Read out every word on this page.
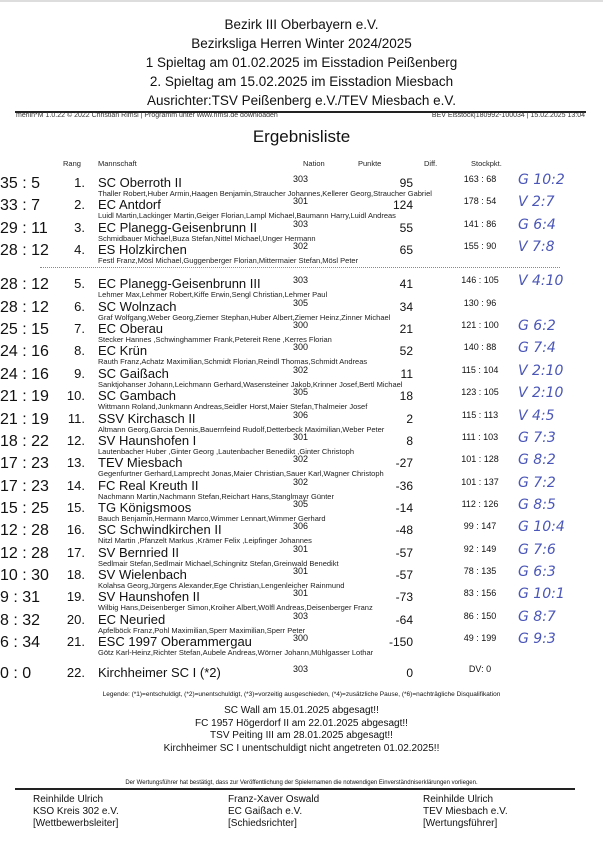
Bezirk III Oberbayern e.V.
Bezirksliga Herren Winter 2024/2025
1 Spieltag am 01.02.2025 im Eisstadion Peißenberg
2. Spieltag am 15.02.2025 im Eisstadion Miesbach
Ausrichter:TSV Peißenberg e.V./TEV Miesbach e.V.
merlin*M 1.0.22 © 2022 Christian Rimsl | Programm unter www.rimsl.de downloaden	BEV Eisstock|180992-100034 | 15.02.2025 13:04
Ergebnisliste
Rang Mannschaft	Nation	Punkte	Diff.	Stockpkt.
1. SC Oberroth II	303
35 : 5	95	163 : 68	G 10:2
Thaller Robert,Huber Armin,Haagen Benjamin,Straucher Johannes,Kellerer Georg,Straucher Gabriel
2. EC Antdorf	301
33 : 7	124	178 : 54	V 2:7
Luidl Martin,Lackinger Martin,Geiger Florian,Lampl Michael,Baumann Harry,Luidl Andreas
3. EC Planegg-Geisenbrunn II	303
29 : 11	55	141 : 86	G 6:4
Schmidbauer Michael,Buza Stefan,Nittel Michael,Unger Hermann
4. ES Holzkirchen	302
28 : 12	65	155 : 90	V 7:8
Festl Franz,Mösl Michael,Guggenberger Florian,Mittermaier Stefan,Mösl Peter
5. EC Planegg-Geisenbrunn III	303
28 : 12	41	146 : 105	V 4:10
Lehmer Max,Lehmer Robert,Kiffe Erwin,Sengl Christian,Lehmer Paul
6. SC Wolnzach	305
28 : 12	34	130 : 96
Graf Wolfgang,Weber Georg,Ziemer Stephan,Huber Albert,Ziemer Heinz,Zinner Michael
7. EC Oberau	300
25 : 15	21	121 : 100	G 6:2
Stecker Hannes ,Schwinghammer Frank,Petereit Rene ,Kerres Florian
8. EC Krün	300
24 : 16	52	140 : 88	G 7:4
Rauth Franz,Achatz Maximilian,Schmidt Florian,Reindl Thomas,Schmidt Andreas
9. SC Gaißach	302
24 : 16	11	115 : 104	V 2:10
Sanktjohanser Johann,Leichmann Gerhard,Wasensteiner Jakob,Krinner Josef,Bertl Michael
10. SC Gambach	305
21 : 19	18	123 : 105	V 2:10
Wittmann Roland,Junkmann Andreas,Seidler Horst,Maier Stefan,Thalmeier Josef
11. SSV Kirchasch II	306
21 : 19	2	115 : 113	V 4:5
Altmann Georg,Garcia Dennis,Bauernfeind Rudolf,Detterbeck Maximilian,Weber Peter
12. SV Haunshofen I	301
18 : 22	8	111 : 103	G 7:3
Lautenbacher Huber ,Ginter Georg ,Lautenbacher Benedikt ,Ginter Christoph
13. TEV Miesbach	302
17 : 23	-27	101 : 128	G 8:2
Gegenfurtner Gerhard,Lamprecht Jonas,Maier Christian,Sauer Karl,Wagner Christoph
14. FC Real Kreuth II	302
17 : 23	-36	101 : 137	G 7:2
Nachmann Martin,Nachmann Stefan,Reichart Hans,Stanglmayr Günter
15. TG Königsmoos	305
15 : 25	-14	112 : 126	G 8:5
Bauch Benjamin,Hermann Marco,Wimmer Lennart,Wimmer Gerhard
16. SC Schwindkirchen II	306
12 : 28	-48	99 : 147	G 10:4
Nitzl Martin ,Pfanzelt Markus ,Krämer Felix ,Leipfinger Johannes
17. SV Bernried II	301
12 : 28	-57	92 : 149	G 7:6
Sedlmair Stefan,Sedlmair Michael,Schingnitz Stefan,Greinwald Benedikt
18. SV Wielenbach	301
10 : 30	-57	78 : 135	G 6:3
Kolahsa Georg,Jürgens Alexander,Ege Christian,Lengenleicher Rainmund
19. SV Haunshofen II	301
9 : 31	-73	83 : 156	G 10:1
Wilbig Hans,Deisenberger Simon,Kroiher Albert,Wölfl Andreas,Deisenberger Franz
20. EC Neuried	303
8 : 32	-64	86 : 150	G 8:7
Apfelböck Franz,Pohl Maximilian,Sperr Maximilian,Sperr Peter
21. ESC 1997 Oberammergau	300
6 : 34	-150	49 : 199	G 9:3
Götz Karl-Heinz,Richter Stefan,Aubele Andreas,Wörner Johann,Mühlgasser Lothar
22. Kirchheimer SC I (*2)	303
0 : 0	0	DV: 0
Legende: (*1)=entschuldigt, (*2)=unentschuldigt, (*3)=vorzeitig ausgeschieden, (*4)=zusätzliche Pause, (*6)=nachträgliche Disqualifikation
SC Wall am 15.01.2025 abgesagt!!
FC 1957 Högerdorf II am 22.01.2025 abgesagt!!
TSV Peiting III am 28.01.2025 abgesagt!!
Kirchheimer SC I unentschuldigt nicht angetreten 01.02.2025!!
Der Wertungsführer hat bestätigt, dass zur Veröffentlichung der Spielernamen die notwendigen Einverständniserklärungen vorliegen.
Reinhilde Ulrich
KSO Kreis 302 e.V.
[Wettbewerbsleiter]
Franz-Xaver Oswald
EC Gaißach e.V.
[Schiedsrichter]
Reinhilde Ulrich
TEV Miesbach e.V.
[Wertungsführer]
